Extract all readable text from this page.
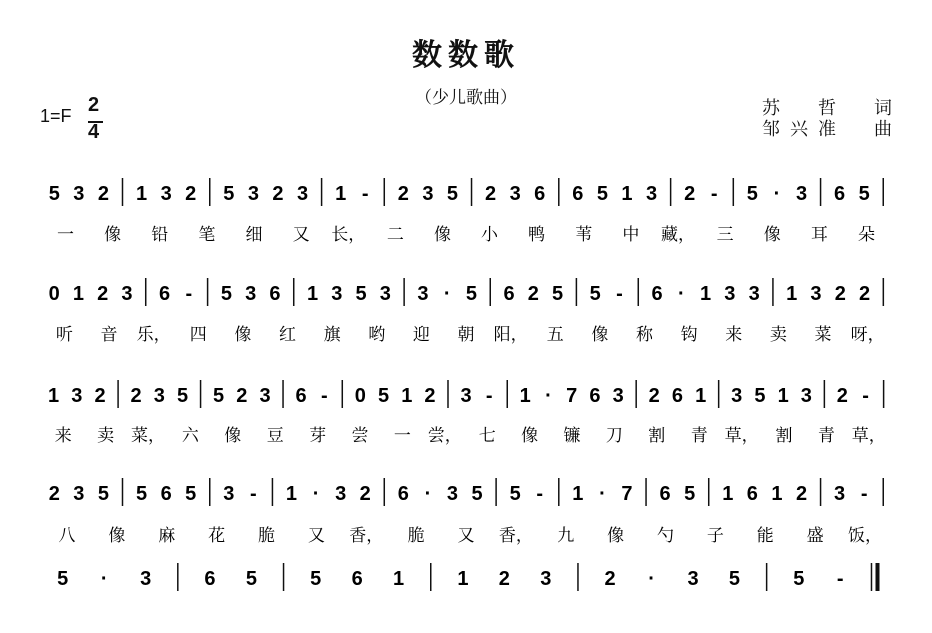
数数歌
（少儿歌曲）
1=F 2
4
苏　哲　词
邹兴准　曲
5 3 2 1 3 2 5 3 2 3 1 - 2 3 5 2 3 6 6 5 1 3 2 - 5 · 3 6 5
一 像 铅 笔 细 又 长， 二 像 小 鸭 苇 中 藏， 三 像 耳 朵
0 1 2 3 6 - 5 3 6 1 3 5 3 3 · 5 6 2 5 5 - 6 · 1 3 3 1 3 2 2
听 音 乐， 四 像 红 旗 哟 迎 朝 阳， 五 像 称 钩 来 卖 菜 呀，
1 3 2 2 3 5 5 2 3 6 - 0 5 1 2 3 - 1 · 7 6 3 2 6 1 3 5 1 3 2 -
来 卖 菜， 六 像 豆 芽 尝 一 尝， 七 像 镰 刀 割 青 草， 割 青 草，
2 3 5 5 6 5 3 - 1 · 3 2 6 · 3 5 5 - 1 · 7 6 5 1 6 1 2 3 -
八 像 麻 花 脆 又 香， 脆 又 香， 九 像 勺 子 能 盛 饭，
5 · 3	6 5	5 6 1	1 2 3	2 · 3 5	5 -
